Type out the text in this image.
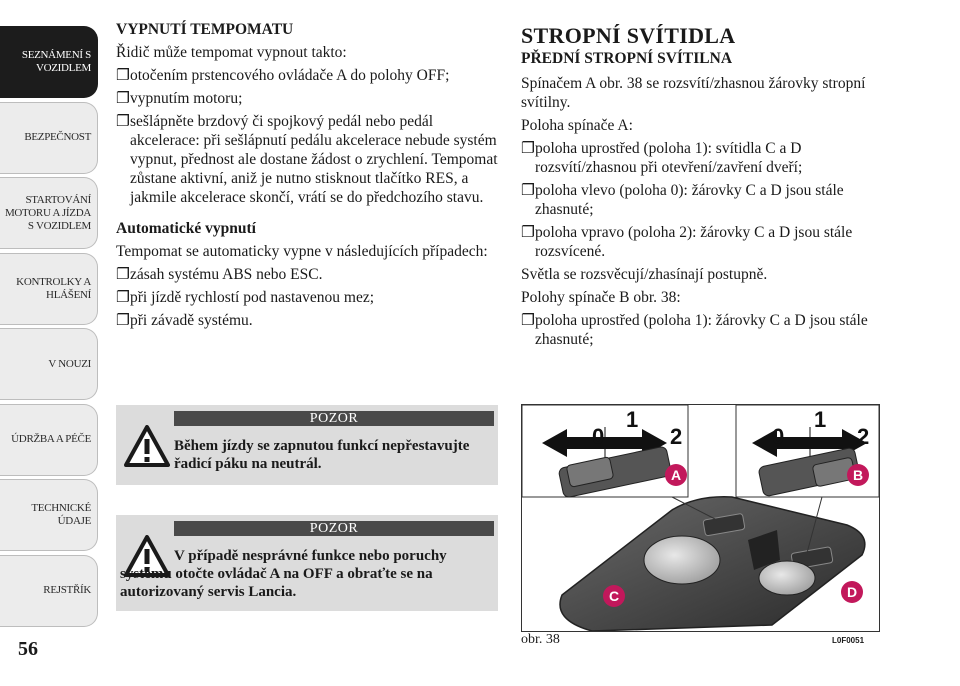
SEZNÁMENÍ S
VOZIDLEM
BEZPEČNOST
STARTOVÁNÍ
MOTORU A JÍZDA
S VOZIDLEM
KONTROLKY A
HLÁŠENÍ
V NOUZI
ÚDRŽBA A PÉČE
TECHNICKÉ
ÚDAJE
REJSTŘÍK
56

VYPNUTÍ TEMPOMATU

Řidič může tempomat vypnout takto:

❐otočením prstencového ovládače A do polohy OFF;

❐vypnutím motoru;

❐sešlápněte brzdový či spojkový pedál nebo pedál akcelerace: při sešlápnutí pedálu akcelerace nebude systém vypnut, přednost ale dostane žádost o zrychlení. Tempomat zůstane aktivní, aniž je nutno stisknout tlačítko RES, a jakmile akcelerace skončí, vrátí se do předchozího stavu.

Automatické vypnutí

Tempomat se automaticky vypne v následujících případech:

❐zásah systému ABS nebo ESC.

❐při jízdě rychlostí pod nastavenou mez;

❐při závadě systému.

POZOR
Během jízdy se zapnutou funkcí nepřestavujte řadicí páku na neutrál.
POZOR
V případě nesprávné funkce nebo poruchy systému otočte ovládač A na OFF a obraťte se na autorizovaný servis Lancia.

STROPNÍ SVÍTIDLA

PŘEDNÍ STROPNÍ SVÍTILNA

Spínačem A obr. 38 se rozsvítí/zhasnou žárovky stropní svítilny.

Poloha spínače A:

❐poloha uprostřed (poloha 1): svítidla C a D rozsvítí/zhasnou při otevření/zavření dveří;

❐poloha vlevo (poloha 0): žárovky C a D jsou stále zhasnuté;

❐poloha vpravo (poloha 2): žárovky C a D jsou stále rozsvícené.

Světla se rozsvěcují/zhasínají postupně.

Polohy spínače B obr. 38:

❐poloha uprostřed (poloha 1): žárovky C a D jsou stále zhasnuté;

0
1
2	0
1
2
A	B
C	D
obr. 38	L0F0051
